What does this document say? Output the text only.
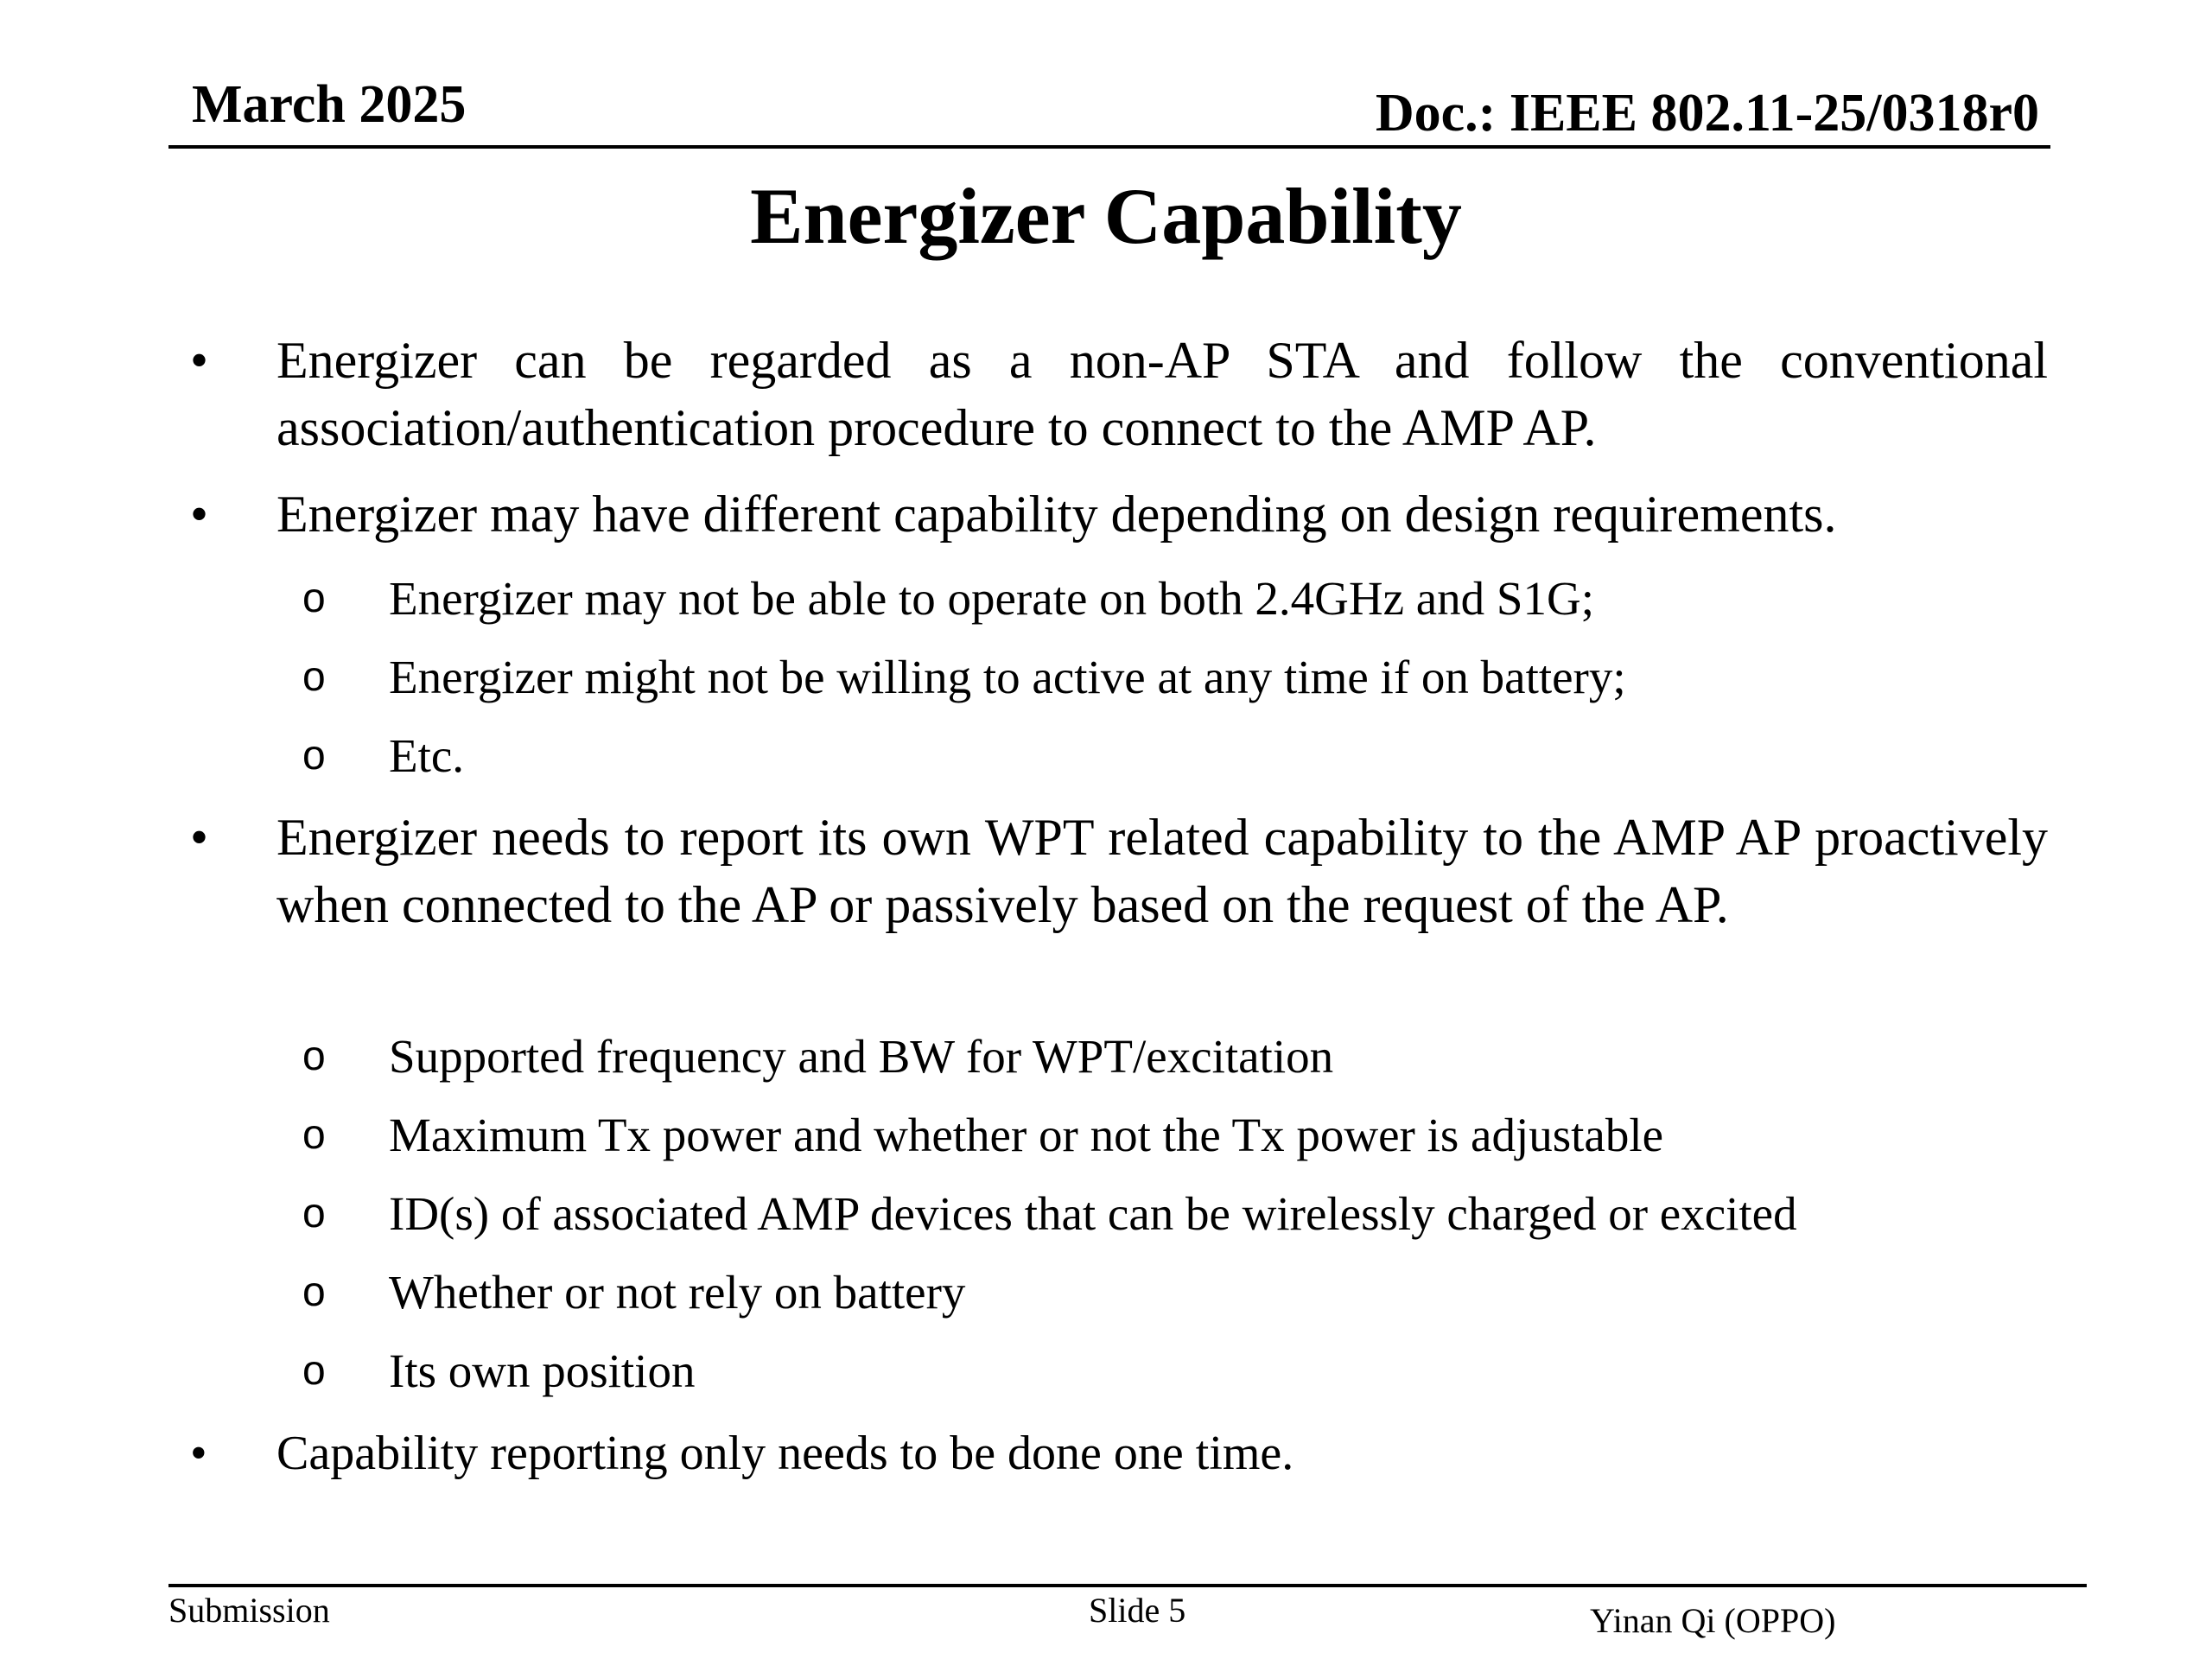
March 2025	Doc.: IEEE 802.11-25/0318r0
Energizer Capability
•	Energizer can be regarded as a non-AP STA and follow the conventional association/authentication procedure to connect to the AMP AP.
•	Energizer may have different capability depending on design requirements.
o Energizer may not be able to operate on both 2.4GHz and S1G;
o Energizer might not be willing to active at any time if on battery;
o Etc.
•	Energizer needs to report its own WPT related capability to the AMP AP proactively when connected to the AP or passively based on the request of the AP.
o Supported frequency and BW for WPT/excitation
o Maximum Tx power and whether or not the Tx power is adjustable
o ID(s) of associated AMP devices that can be wirelessly charged or excited
o Whether or not rely on battery
o Its own position
•	Capability reporting only needs to be done one time.
Submission	Slide 5	Yinan Qi (OPPO)
